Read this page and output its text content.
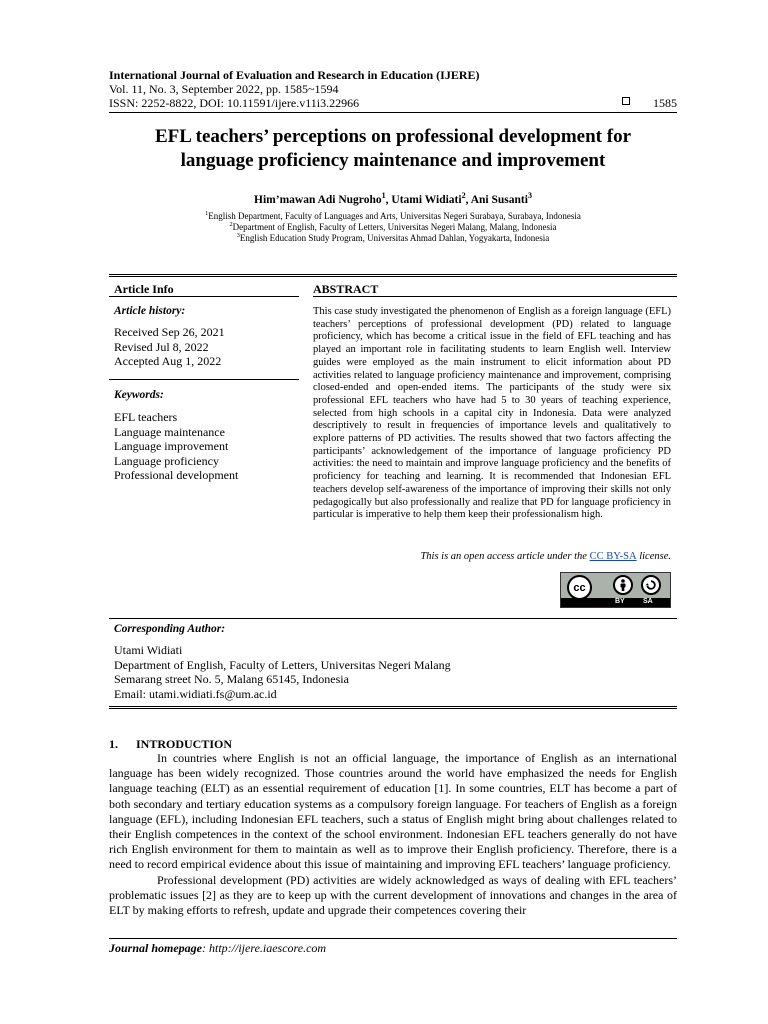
International Journal of Evaluation and Research in Education (IJERE)
Vol. 11, No. 3, September 2022, pp. 1585~1594
ISSN: 2252-8822, DOI: 10.11591/ijere.v11i3.22966	1585
EFL teachers’ perceptions on professional development for
language proficiency maintenance and improvement
Him’mawan Adi Nugroho$^1$, Utami Widiati$^2$, Ani Susanti$^3$
$^1$English Department, Faculty of Languages and Arts, Universitas Negeri Surabaya, Surabaya, Indonesia
$^2$Department of English, Faculty of Letters, Universitas Negeri Malang, Malang, Indonesia
$^3$English Education Study Program, Universitas Ahmad Dahlan, Yogyakarta, Indonesia
Article Info
Article history:
Received Sep 26, 2021
Revised Jul 8, 2022
Accepted Aug 1, 2022
Keywords:
EFL teachers
Language maintenance
Language improvement
Language proficiency
Professional development
ABSTRACT
This case study investigated the phenomenon of English as a foreign language (EFL) teachers’ perceptions of professional development (PD) related to language proficiency, which has become a critical issue in the field of EFL teaching and has played an important role in facilitating students to learn English well. Interview guides were employed as the main instrument to elicit information about PD activities related to language proficiency maintenance and improvement, comprising closed-ended and open-ended items. The participants of the study were six professional EFL teachers who have had 5 to 30 years of teaching experience, selected from high schools in a capital city in Indonesia. Data were analyzed descriptively to result in frequencies of importance levels and qualitatively to explore patterns of PD activities. The results showed that two factors affecting the participants’ acknowledgement of the importance of language proficiency PD activities: the need to maintain and improve language proficiency and the benefits of proficiency for teaching and learning. It is recommended that Indonesian EFL teachers develop self-awareness of the importance of improving their skills not only pedagogically but also professionally and realize that PD for language proficiency in particular is imperative to help them keep their professionalism high.
This is an open access article under the CC BY-SA license.
cc
BY	SA
Corresponding Author:
Utami Widiati
Department of English, Faculty of Letters, Universitas Negeri Malang
Semarang street No. 5, Malang 65145, Indonesia
Email: utami.widiati.fs@um.ac.id
1.      INTRODUCTION

In countries where English is not an official language, the importance of English as an international language has been widely recognized. Those countries around the world have emphasized the needs for English language teaching (ELT) as an essential requirement of education [1]. In some countries, ELT has become a part of both secondary and tertiary education systems as a compulsory foreign language. For teachers of English as a foreign language (EFL), including Indonesian EFL teachers, such a status of English might bring about challenges related to their English competences in the context of the school environment. Indonesian EFL teachers generally do not have rich English environment for them to maintain as well as to improve their English proficiency. Therefore, there is a need to record empirical evidence about this issue of maintaining and improving EFL teachers’ language proficiency.

Professional development (PD) activities are widely acknowledged as ways of dealing with EFL teachers’ problematic issues [2] as they are to keep up with the current development of innovations and changes in the area of ELT by making efforts to refresh, update and upgrade their competences covering their

Journal homepage: http://ijere.iaescore.com
